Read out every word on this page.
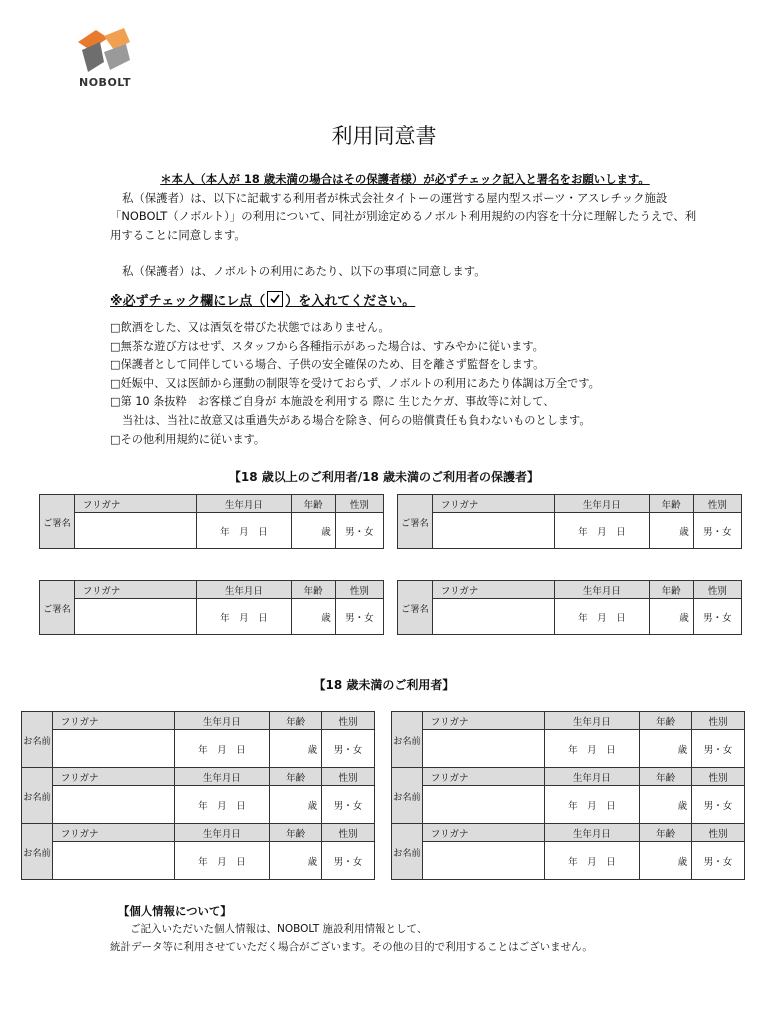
NOBOLT
利用同意書
＊本人（本人が 18 歳未満の場合はその保護者様）が必ずチェック記入と署名をお願いします。
私（保護者）は、以下に記載する利用者が株式会社タイトーの運営する屋内型スポーツ・アスレチック施設「NOBOLT（ノボルト）」の利用について、同社が別途定めるノボルト利用規約の内容を十分に理解したうえで、利用することに同意します。
私（保護者）は、ノボルトの利用にあたり、以下の事項に同意します。
※必ずチェック欄にレ点（ ）を入れてください。
□飲酒をした、又は酒気を帯びた状態ではありません。
□無茶な遊び方はせず、スタッフから各種指示があった場合は、すみやかに従います。
□保護者として同伴している場合、子供の安全確保のため、目を離さず監督をします。
□妊娠中、又は医師から運動の制限等を受けておらず、ノボルトの利用にあたり体調は万全です。
□第 10 条抜粋　お客様ご自身が 本施設を利用する 際に 生じたケガ、事故等に対して、
当社は、当社に故意又は重過失がある場合を除き、何らの賠償責任も負わないものとします。
□その他利用規約に従います。
【18 歳以上のご利用者/18 歳未満のご利用者の保護者】
ご署名	フリガナ	生年月日	年齢	性別
		年　月　日	歳	男・女
ご署名	フリガナ	生年月日	年齢	性別
		年　月　日	歳	男・女
ご署名	フリガナ	生年月日	年齢	性別
		年　月　日	歳	男・女
ご署名	フリガナ	生年月日	年齢	性別
		年　月　日	歳	男・女
【18 歳未満のご利用者】
お名前	フリガナ	生年月日	年齢	性別
		年　月　日	歳	男・女
お名前	フリガナ	生年月日	年齢	性別
		年　月　日	歳	男・女
お名前	フリガナ	生年月日	年齢	性別
		年　月　日	歳	男・女
お名前	フリガナ	生年月日	年齢	性別
		年　月　日	歳	男・女
お名前	フリガナ	生年月日	年齢	性別
		年　月　日	歳	男・女
お名前	フリガナ	生年月日	年齢	性別
		年　月　日	歳	男・女
【個人情報について】
ご記入いただいた個人情報は、NOBOLT 施設利用情報として、
統計データ等に利用させていただく場合がございます。その他の目的で利用することはございません。
